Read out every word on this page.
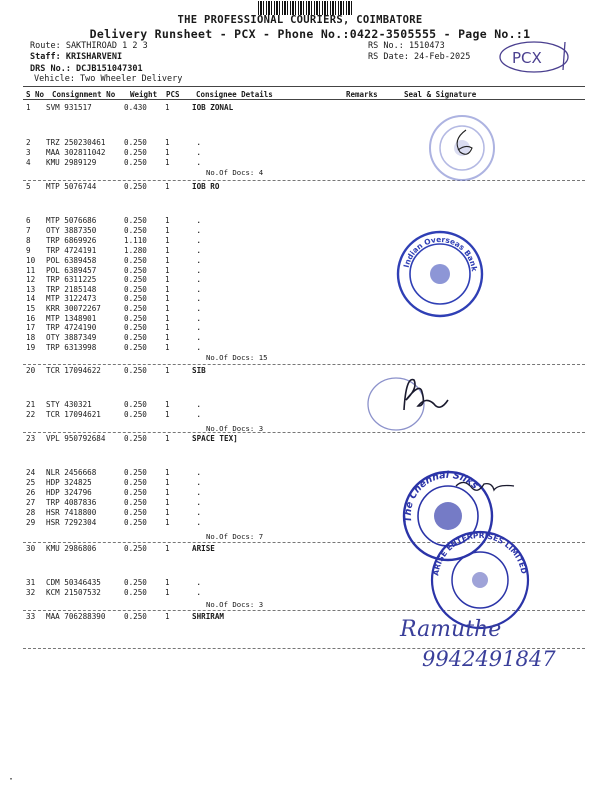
THE PROFESSIONAL COURIERS, COIMBATORE
Delivery Runsheet - PCX - Phone No.:0422-3505555 - Page No.:1
Route: SAKTHIROAD 1 2 3
Staff: KRISHARVENI
DRS No.: DCJB151047301
Vehicle: Two Wheeler Delivery
RS No.: 1510473
RS Date: 24-Feb-2025	PCX
S No Consignment No Weight PCS Consignee Details	Remarks	Seal & Signature
1 SVM 931517	0.430 1	IOB ZONAL
2 TRZ 250230461 0.250 1	.
3 MAA 302811042 0.250 1	.
4 KMU 2989129	0.250 1	.
No.Of Docs: 4
5 MTP 5076744	0.250 1	IOB RO
6 MTP 5076686	0.250 1	.
7 OTY 3887350	0.250 1	.
8 TRP 6869926	1.110 1	.
9 TRP 4724191	1.280 1	.
10 POL 6389458	0.250 1	.
11 POL 6389457	0.250 1	.
12 TRP 6311225	0.250 1	.
13 TRP 2185148	0.250 1	.
14 MTP 3122473	0.250 1	.
15 KRR 30072267	0.250 1	.
16 MTP 1348901	0.250 1	.
17 TRP 4724190	0.250 1	.
18 OTY 3887349	0.250 1	.
19 TRP 6313998	0.250 1	.
No.Of Docs: 15
20 TCR 17094622	0.250 1	SIB
21 STY 430321	0.250 1	.
22 TCR 17094621	0.250 1	.
No.Of Docs: 3
23 VPL 950792684 0.250 1	SPACE TEX]
24 NLR 2456668	0.250 1	.
25 HDP 324825	0.250 1	.
26 HDP 324796	0.250 1	.
27 TRP 4087836	0.250 1	.
28 HSR 7418800	0.250 1	.
29 HSR 7292304	0.250 1	.
No.Of Docs: 7
30 KMU 2986806	0.250 1	ARISE
31 CDM 50346435	0.250 1	.
32 KCM 21507532	0.250 1	.
No.Of Docs: 3
33 MAA 706288390 0.250 1	SHRIRAM
Indian Overseas Bank
The Chennai Silks
ARISE ENTERPRISES LIMITED
Ramuthe
9942491847
·
